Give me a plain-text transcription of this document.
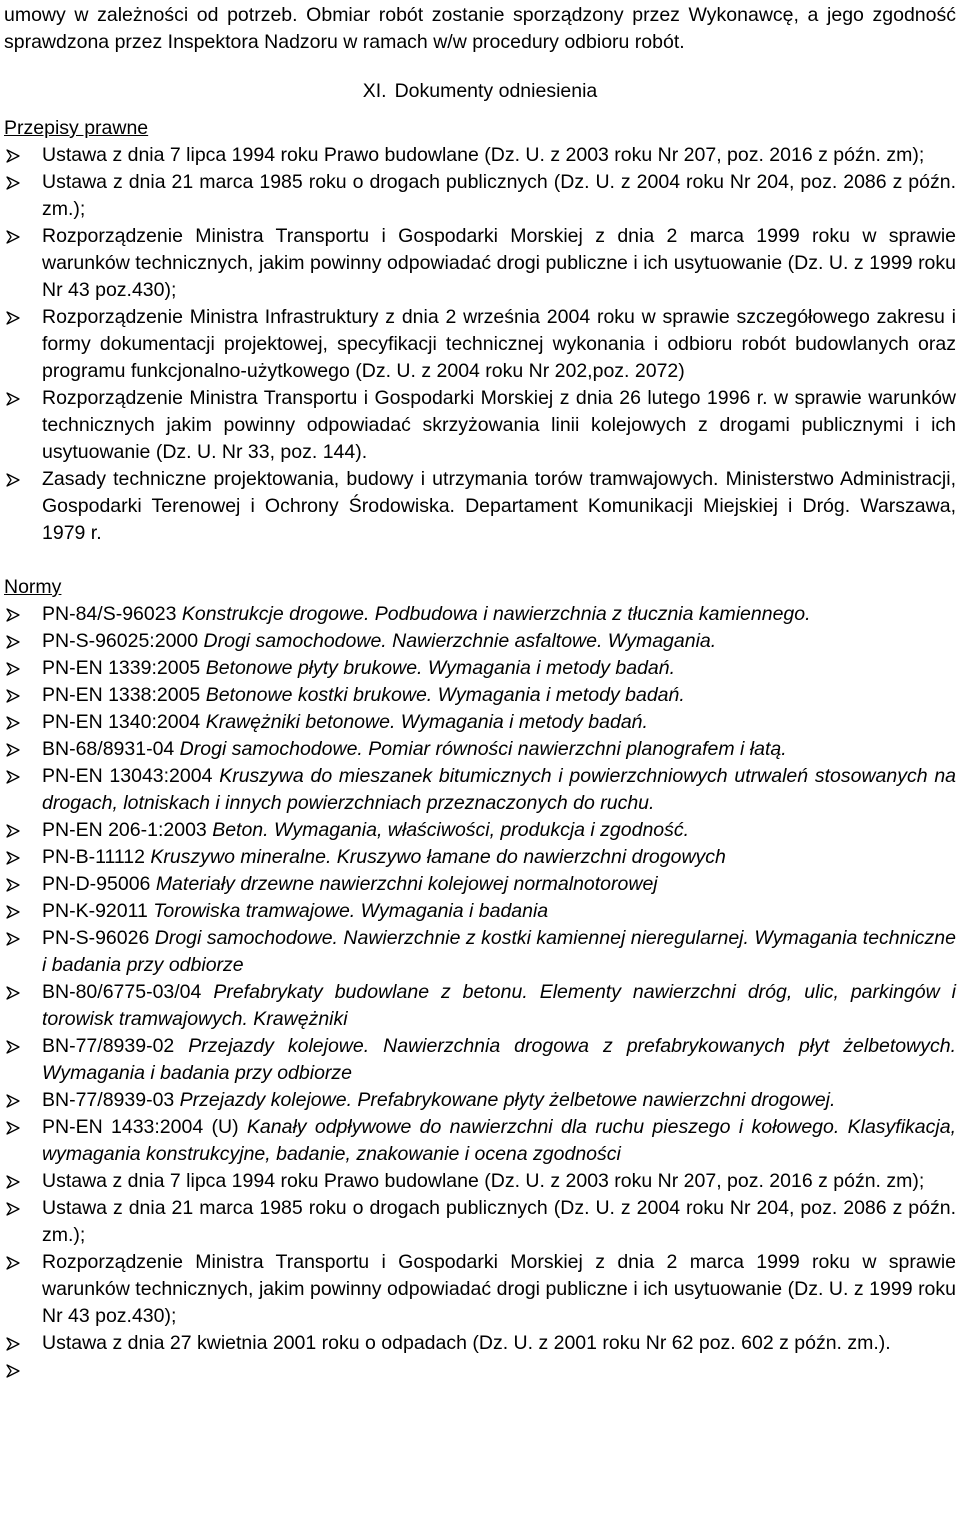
umowy w zależności od potrzeb. Obmiar robót zostanie sporządzony przez Wykonawcę, a jego zgodność sprawdzona przez Inspektora Nadzoru w ramach w/w procedury odbioru robót.

XI. Dokumenty odniesienia
Przepisy prawne
Ustawa z dnia 7 lipca 1994 roku Prawo budowlane (Dz. U. z 2003 roku Nr 207, poz. 2016 z późn. zm);
Ustawa z dnia 21 marca 1985 roku o drogach publicznych (Dz. U. z 2004 roku Nr 204, poz. 2086 z późn. zm.);
Rozporządzenie Ministra Transportu i Gospodarki Morskiej z dnia 2 marca 1999 roku w sprawie warunków technicznych, jakim powinny odpowiadać drogi publiczne i ich usytuowanie (Dz. U. z 1999 roku Nr 43 poz.430);
Rozporządzenie Ministra Infrastruktury z dnia 2 września 2004 roku w sprawie szczegółowego zakresu i formy dokumentacji projektowej, specyfikacji technicznej wykonania i odbioru robót budowlanych oraz programu funkcjonalno-użytkowego (Dz. U. z 2004 roku Nr 202,poz. 2072)
Rozporządzenie Ministra Transportu i Gospodarki Morskiej z dnia 26 lutego 1996 r. w sprawie warunków technicznych jakim powinny odpowiadać skrzyżowania linii kolejowych z drogami publicznymi i ich usytuowanie (Dz. U. Nr 33, poz. 144).
Zasady techniczne projektowania, budowy i utrzymania torów tramwajowych. Ministerstwo Administracji, Gospodarki Terenowej i Ochrony Środowiska. Departament Komunikacji Miejskiej i Dróg. Warszawa, 1979 r.
Normy
PN-84/S-96023 Konstrukcje drogowe. Podbudowa i nawierzchnia z tłucznia kamiennego.
PN-S-96025:2000 Drogi samochodowe. Nawierzchnie asfaltowe. Wymagania.
PN-EN 1339:2005 Betonowe płyty brukowe. Wymagania i metody badań.
PN-EN 1338:2005 Betonowe kostki brukowe. Wymagania i metody badań.
PN-EN 1340:2004 Krawężniki betonowe. Wymagania i metody badań.
BN-68/8931-04 Drogi samochodowe. Pomiar równości nawierzchni planografem i łatą.
PN-EN 13043:2004 Kruszywa do mieszanek bitumicznych i powierzchniowych utrwaleń stosowanych na drogach, lotniskach i innych powierzchniach przeznaczonych do ruchu.
PN-EN 206-1:2003 Beton. Wymagania, właściwości, produkcja i zgodność.
PN-B-11112 Kruszywo mineralne. Kruszywo łamane do nawierzchni drogowych
PN-D-95006 Materiały drzewne nawierzchni kolejowej normalnotorowej
PN-K-92011 Torowiska tramwajowe. Wymagania i badania
PN-S-96026 Drogi samochodowe. Nawierzchnie z kostki kamiennej nieregularnej. Wymagania techniczne i badania przy odbiorze
BN-80/6775-03/04 Prefabrykaty budowlane z betonu. Elementy nawierzchni dróg, ulic, parkingów i torowisk tramwajowych. Krawężniki
BN-77/8939-02 Przejazdy kolejowe. Nawierzchnia drogowa z prefabrykowanych płyt żelbetowych. Wymagania i badania przy odbiorze
BN-77/8939-03 Przejazdy kolejowe. Prefabrykowane płyty żelbetowe nawierzchni drogowej.
PN-EN 1433:2004 (U) Kanały odpływowe do nawierzchni dla ruchu pieszego i kołowego. Klasyfikacja, wymagania konstrukcyjne, badanie, znakowanie i ocena zgodności
Ustawa z dnia 7 lipca 1994 roku Prawo budowlane (Dz. U. z 2003 roku Nr 207, poz. 2016 z późn. zm);
Ustawa z dnia 21 marca 1985 roku o drogach publicznych (Dz. U. z 2004 roku Nr 204, poz. 2086 z późn. zm.);
Rozporządzenie Ministra Transportu i Gospodarki Morskiej z dnia 2 marca 1999 roku w sprawie warunków technicznych, jakim powinny odpowiadać drogi publiczne i ich usytuowanie (Dz. U. z 1999 roku Nr 43 poz.430);
Ustawa z dnia 27 kwietnia 2001 roku o odpadach (Dz. U. z 2001 roku Nr 62 poz. 602 z późn. zm.).
